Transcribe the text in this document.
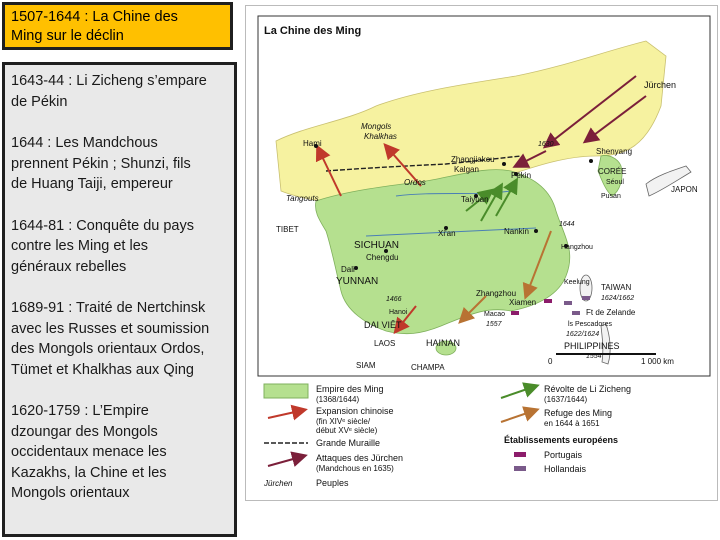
1507-1644 : La Chine des
Ming sur le déclin
1643-44 : Li Zicheng s’empare
de Pékin
1644 : Les Mandchous
prennent Pékin ; Shunzi, fils
de Huang Taiji, empereur
1644-81 : Conquête du pays
contre les Ming et les
généraux rebelles
1689-91 : Traité de Nertchinsk
avec les Russes et soumission
des Mongols orientaux Ordos,
Tümet et Khalkhas aux Qing
1620-1759 : L’Empire
dzoungar des Mongols
occidentaux menace les
Kazakhs, la Chine et les
Mongols orientaux
La Chine des Ming
Jürchen
Mongols
Khalkhas
Hami	1630
Shenyang
Zhangjiakou
Kalgan
Ordos
Pékin	CORÉE
Séoul
Pusan
JAPON
Tangouts	Taiyuan
TIBET	Xi'an	Nankin
1644
SICHUAN
Chengdu
Hangzhou
Dali
YUNNAN	Keelung
Zhangzhou
TAIWAN
1624/1662
Xiamen
1466
Ft de Zelande
Hanoi	Macao
DAI VIÊT	1557	ls Pescadores
1622/1624
LAOS	HAINAN	PHILIPPINES
1554
SIAM	CHAMPA
0	1 000 km
Empire des Ming
(1368/1644)
Expansion chinoise
(fin XIVᵉ siècle/
début XVᵉ siècle)
Grande Muraille
Attaques des Jürchen
(Mandchous en 1635)
Jürchen	Peuples
Révolte de Li Zicheng
(1637/1644)
Refuge des Ming
en 1644 à 1651
Établissements européens
Portugais
Hollandais
